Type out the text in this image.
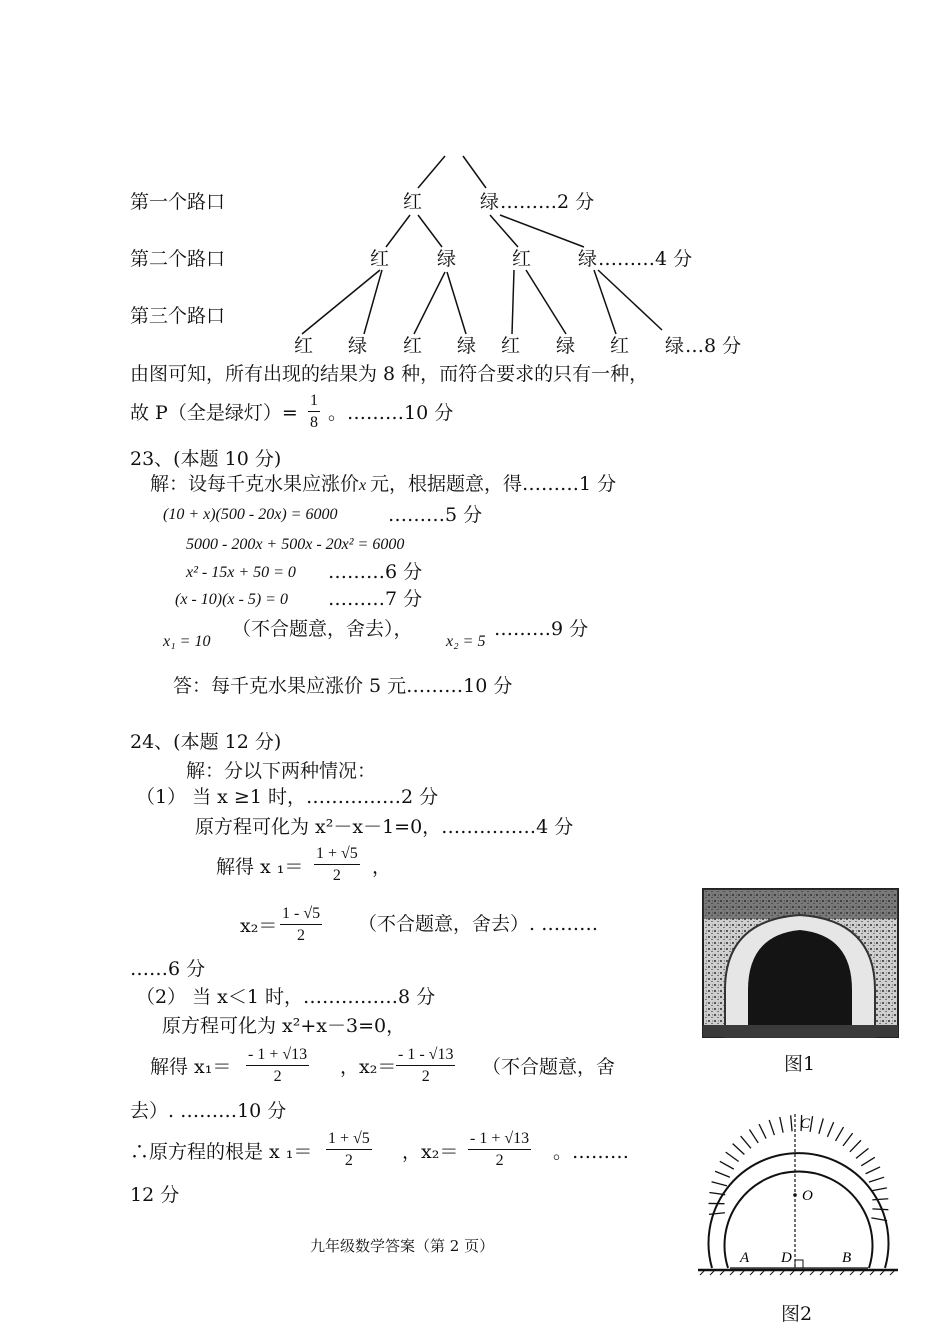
第一个路口
第二个路口
第三个路口
红	绿 ………2 分
红	绿	红 绿 ………4 分
红 绿 红 绿 红 绿 红 绿 …8 分
由图可知，所有出现的结果为 8 种，而符合要求的只有一种，
故 P（全是绿灯）= $\frac{1}{8}$ 。………10 分
23、(本题 10 分)
解：设每千克水果应涨价 x 元，根据题意，得………1 分
(10 + x)(500 - 20x) = 6000	………5 分
5000 - 200x + 500x - 20x² = 6000
x² - 15x + 50 = 0 ………6 分
(x - 10)(x - 5) = 0 ………7 分
x₁ = 10
（不合题意，舍去），
x₂ = 5
………9 分
答：每千克水果应涨价 5 元………10 分
24、(本题 12 分)
解：分以下两种情况：
（1） 当 x ≥1 时，……………2 分
原方程可化为 x²－x－1=0，……………4 分
解得 x $_1= \frac{1 + √5}{2}$ ，
$x_2= \frac{1 - √5}{2}$ （不合题意，舍去）. ………
……6 分
（2） 当 x＜1 时，……………8 分
原方程可化为 x²+x－3=0，
解得 $x_1= \frac{- 1 + √13}{2}$ ，$x_2= \frac{- 1 - √13}{2}$ （不合题意，舍
去）. ………10 分
∴原方程的根是 x $_1= \frac{1 + √5}{2}$ ，$x_2= \frac{- 1 + √13}{2}$ 。………
12 分
九年级数学答案（第 2 页）
图1
C
O
A D	B
图2
